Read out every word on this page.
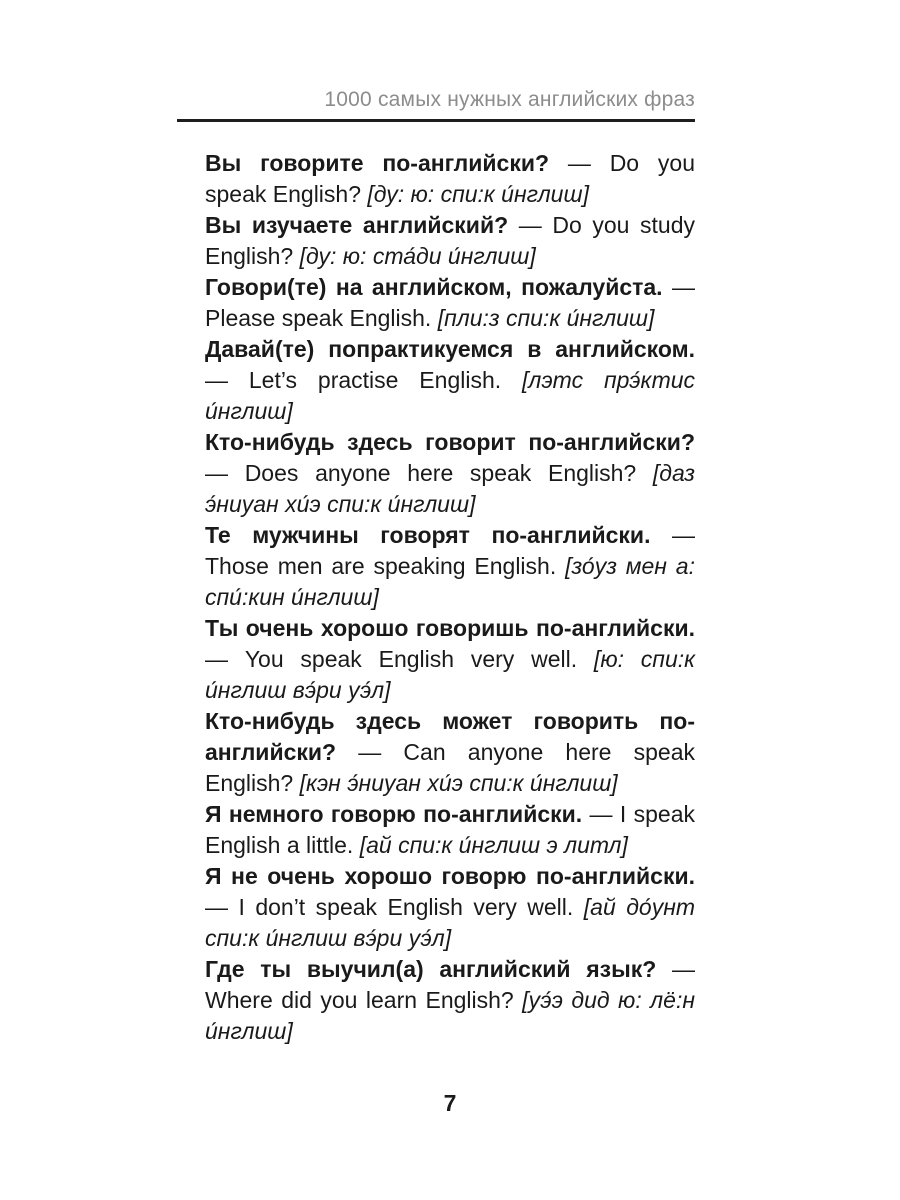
1000 самых нужных английских фраз

Вы говорите по-английски? — Do you speak English? [ду: ю: спи:к и́нглиш]

Вы изучаете английский? — Do you study English? [ду: ю: ста́ди и́нглиш]

Говори(те) на английском, пожалуйста. — Please speak English. [пли:з спи:к и́нглиш]

Давай(те) попрактикуемся в английском. — Let’s practise English. [лэтс прэ́ктис и́нглиш]

Кто-нибудь здесь говорит по-английски? — Does anyone here speak English? [даз э́ниуан хи́э спи:к и́нглиш]

Те мужчины говорят по-английски. — Those men are speaking English. [зо́уз мен а: спи́:кин и́нглиш]

Ты очень хорошо говоришь по-английски. — You speak English very well. [ю: спи:к и́нглиш вэ́ри уэ́л]

Кто-нибудь здесь может говорить по-английски? — Can anyone here speak English? [кэн э́ниуан хи́э спи:к и́нглиш]

Я немного говорю по-английски. — I speak English a little. [ай спи:к и́нглиш э литл]

Я не очень хорошо говорю по-английски. — I don’t speak English very well. [ай до́унт спи:к и́нглиш вэ́ри уэ́л]

Где ты выучил(а) английский язык? — Where did you learn English? [уэ́э дид ю: лё:н и́нглиш]

7
